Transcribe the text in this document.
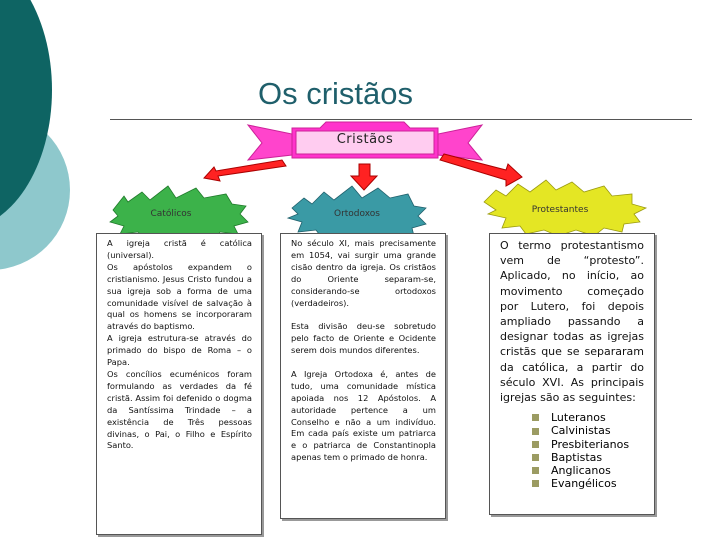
Os cristãos
Cristãos
Católicos	Ortodoxos	Protestantes
A igreja cristã é católica (universal).
Os apóstolos expandem o cristianismo. Jesus Cristo fundou a sua igreja sob a forma de uma comunidade visível de salvação à qual os homens se incorporaram através do baptismo.
A igreja estrutura-se através do primado do bispo de Roma – o Papa.
Os concílios ecuménicos foram formulando as verdades da fé cristã. Assim foi defenido o dogma da Santíssima Trindade – a existência de Três pessoas divinas, o Pai, o Filho e Espírito Santo.
No século XI, mais precisamente em 1054, vai surgir uma grande cisão dentro da igreja. Os cristãos do Oriente separam-se, considerando-se ortodoxos (verdadeiros).
Esta divisão deu-se sobretudo pelo facto de Oriente e Ocidente serem dois mundos diferentes.
A Igreja Ortodoxa é, antes de tudo, uma comunidade mística apoiada nos 12 Apóstolos. A autoridade pertence a um Conselho e não a um indivíduo. Em cada país existe um patriarca e o patriarca de Constantinopla apenas tem o primado de honra.
O termo protestantismo vem de “protesto”. Aplicado, no início, ao movimento começado por Lutero, foi depois ampliado passando a designar todas as igrejas cristãs que se separaram da católica, a partir do século XVI. As principais igrejas são as seguintes:
Luteranos
Calvinistas
Presbiterianos
Baptistas
Anglicanos
Evangélicos
